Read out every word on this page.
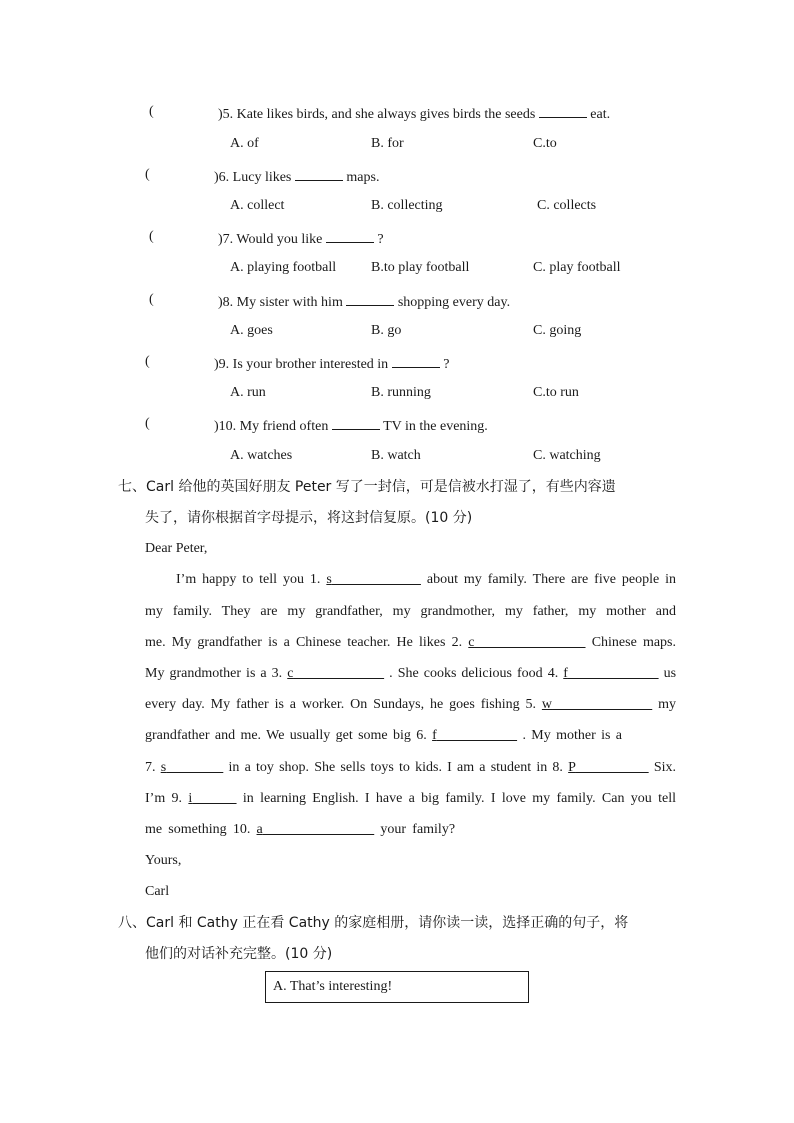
(	)5. Kate likes birds, and she always gives birds the seeds	eat.
A. of	B. for	C.to
(	)6. Lucy likes	maps.
A. collect	B. collecting	C. collects
(	)7. Would you like	?
A. playing football B.to play football	C. play football
(	)8. My sister with him	shopping every day.
A. goes	B. go	C. going
(	)9. Is your brother interested in	?
A. run	B. running	C.to run
(	)10. My friend often	TV in the evening.
A. watches	B. watch	C. watching
七、Carl 给他的英国好朋友 Peter 写了一封信，可是信被水打湿了，有些内容遗
失了，请你根据首字母提示，将这封信复原。(10 分)
Dear Peter,
I’m happy to tell you 1. s	about my family. There are five people in
my family. They are my grandfather, my grandmother, my father, my mother and
me. My grandfather is a Chinese teacher. He likes 2. c	Chinese maps.
My grandmother is a 3. c	. She cooks delicious food 4. f	us
every day. My father is a worker. On Sundays, he goes fishing 5. w	my
grandfather and me. We usually get some big 6. f	. My mother is a
7. s	in a toy shop. She sells toys to kids. I am a student in 8. P	Six.
I’m 9. i	in learning English. I have a big family. I love my family. Can you tell
me something 10. a	your family?
Yours,
Carl
八、Carl 和 Cathy 正在看 Cathy 的家庭相册，请你读一读，选择正确的句子，将
他们的对话补充完整。(10 分)
A. That’s interesting!
